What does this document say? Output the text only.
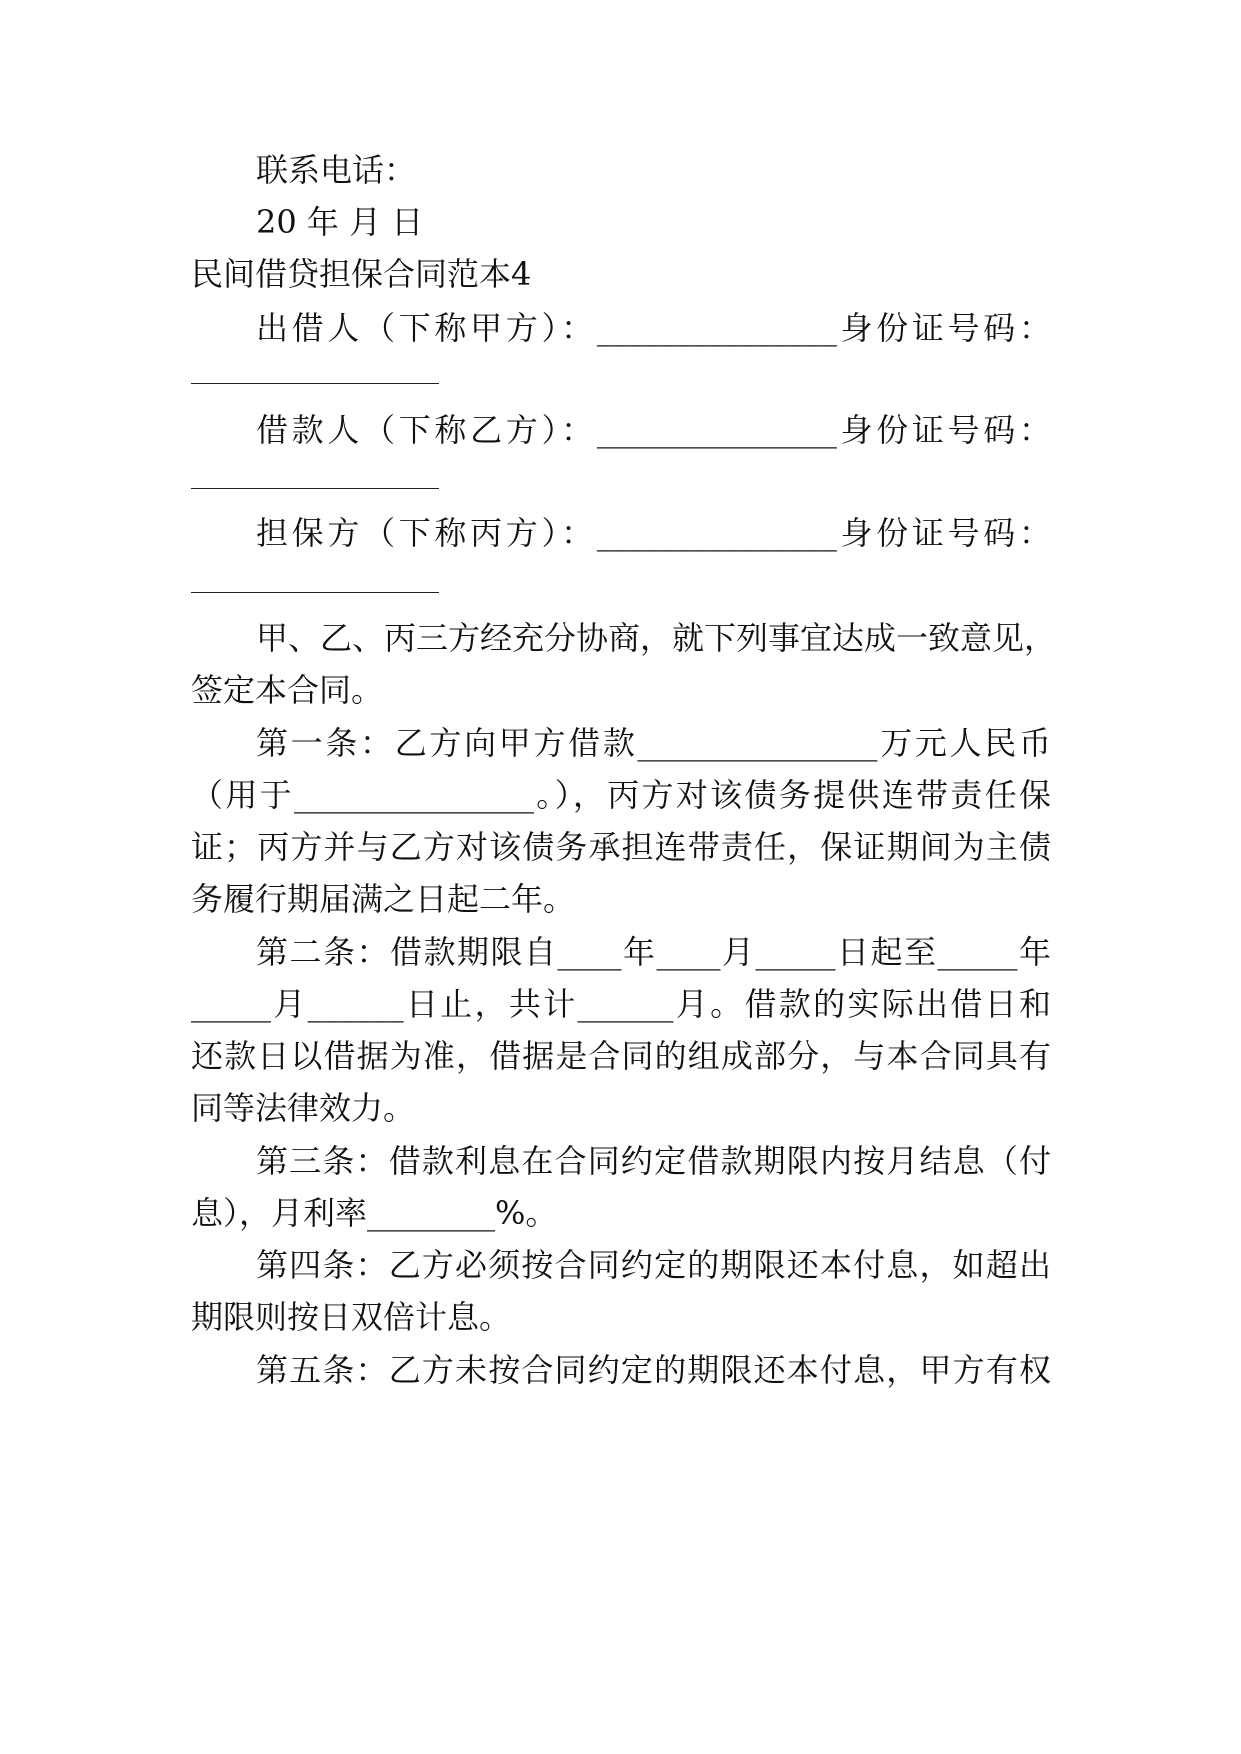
联系电话：
20 年 月 日
民间借贷担保合同范本4
出借人（下称甲方）：_______________身份证号码：
借款人（下称乙方）：_______________身份证号码：
担保方（下称丙方）：_______________身份证号码：
甲、乙、丙三方经充分协商，就下列事宜达成一致意见，
签定本合同。
第一条：乙方向甲方借款_______________万元人民币
（用于_______________。），丙方对该债务提供连带责任保
证；丙方并与乙方对该债务承担连带责任，保证期间为主债
务履行期届满之日起二年。
第二条：借款期限自____年____月_____日起至_____年
_____月______日止，共计______月。借款的实际出借日和
还款日以借据为准，借据是合同的组成部分，与本合同具有
同等法律效力。
第三条：借款利息在合同约定借款期限内按月结息（付
息），月利率________%。
第四条：乙方必须按合同约定的期限还本付息，如超出
期限则按日双倍计息。
第五条：乙方未按合同约定的期限还本付息，甲方有权
